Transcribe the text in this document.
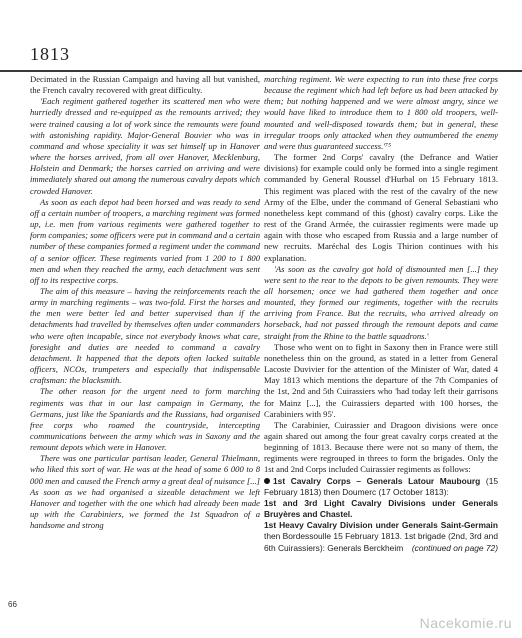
1813

Decimated in the Russian Campaign and having all but vanished, the French cavalry recovered with great difficulty.

'Each regiment gathered together its scattered men who were hurriedly dressed and re-equipped as the remounts arrived; they were trained causing a lot of work since the remounts were found with astonishing rapidity. Major-General Bouvier who was in command and whose speciality it was set himself up in Hanover where the horses arrived, from all over Hanover, Mecklenburg, Holstein and Denmark; the horses carried on arriving and were immediately shared out among the numerous cavalry depots which crowded Hanover.

As soon as each depot had been horsed and was ready to send off a certain number of troopers, a marching regiment was formed up, i.e. men from various regiments were gathered together to form companies; some officers were put in command and a certain number of these companies formed a regiment under the command of a senior officer. These regiments varied from 1 200 to 1 800 men and when they reached the army, each detachment was sent off to its respective corps.

The aim of this measure – having the reinforcements reach the army in marching regiments – was two-fold. First the horses and the men were better led and better supervised than if the detachments had travelled by themselves often under commanders who were often incapable, since not everybody knows what care, foresight and duties are needed to command a cavalry detachment. It happened that the depots often lacked suitable officers, NCOs, trumpeters and especially that indispensable craftsman: the blacksmith.

The other reason for the urgent need to form marching regiments was that in our last campaign in Germany, the Germans, just like the Spaniards and the Russians, had organised free corps who roamed the countryside, intercepting communications between the army which was in Saxony and the remount depots which were in Hanover.

There was one particular partisan leader, General Thielmann, who liked this sort of war. He was at the head of some 6 000 to 8 000 men and caused the French army a great deal of nuisance [...] As soon as we had organised a sizeable detachment we left Hanover and together with the one which had already been made up with the Carabiniers, we formed the 1st Squadron of a handsome and strong

marching regiment. We were expecting to run into these free corps because the regiment which had left before us had been attacked by them; but nothing happened and we were almost angry, since we would have liked to introduce them to 1 800 old troopers, well-mounted and well-disposed towards them; but in general, these irregular troops only attacked when they outnumbered the enemy and were thus guaranteed success.'⁷⁵

The former 2nd Corps' cavalry (the Defrance and Watier divisions) for example could only be formed into a single regiment commanded by General Roussel d'Hurbal on 15 February 1813. This regiment was placed with the rest of the cavalry of the new Army of the Elbe, under the command of General Sebastiani who nonetheless kept command of this (ghost) cavalry corps. Like the rest of the Grand Armée, the cuirassier regiments were made up again with those who escaped from Russia and a large number of new recruits. Maréchal des Logis Thirion continues with his explanation.

'As soon as the cavalry got hold of dismounted men [...] they were sent to the rear to the depots to be given remounts. They were all horsemen; once we had gathered them together and once mounted, they formed our regiments, together with the recruits arriving from France. But the recruits, who arrived already on horseback, had not passed through the remount depots and came straight from the Rhine to the battle squadrons.'

Those who went on to fight in Saxony then in France were still nonetheless thin on the ground, as stated in a letter from General Lacoste Duvivier for the attention of the Minister of War, dated 4 May 1813 which mentions the departure of the 7th Companies of the 1st, 2nd and 5th Cuirassiers who 'had today left their garrisons for Mainz [...], the Cuirassiers departed with 100 horses, the Carabiniers with 95'.

The Carabinier, Cuirassier and Dragoon divisions were once again shared out among the four great cavalry corps created at the beginning of 1813. Because there were not so many of them, the regiments were regrouped in threes to form the brigades. Only the 1st and 2nd Corps included Cuirassier regiments as follows:

1st Cavalry Corps – Generals Latour Maubourg (15 February 1813) then Doumerc (17 October 1813):

1st and 3rd Light Cavalry Divisions under Generals Bruyères and Chastel.

1st Heavy Cavalry Division under Generals Saint-Germain then Bordessoulle 15 February 1813. 1st brigade (2nd, 3rd and 6th Cuirassiers): Generals Berckheim (continued on page 72)

66
Nacekomie.ru
